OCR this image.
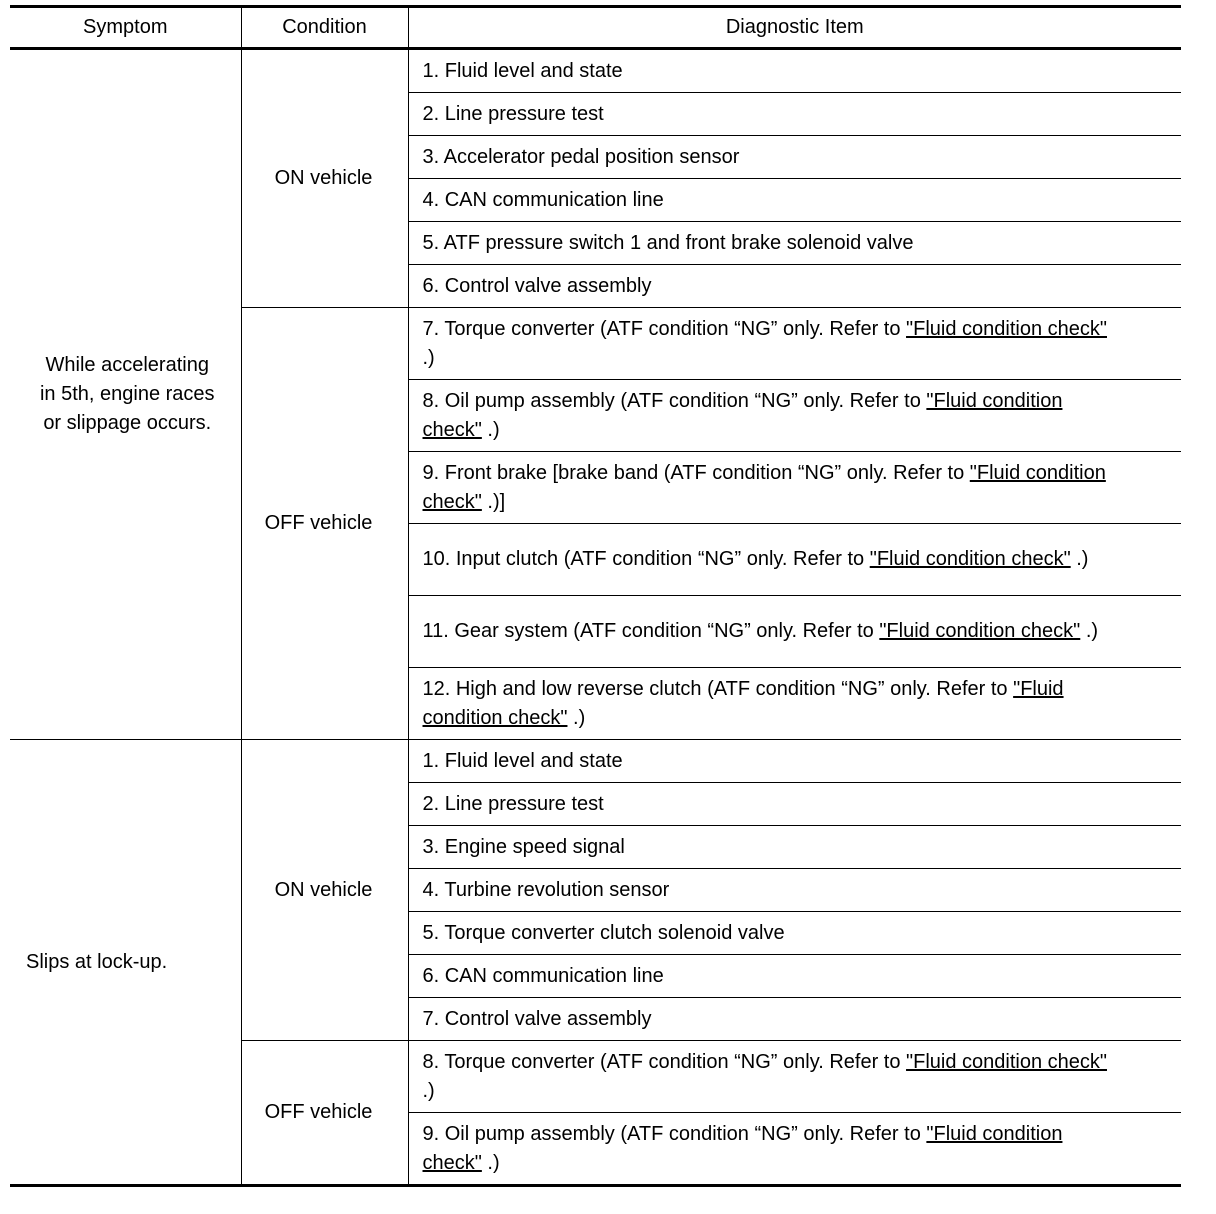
Symptom	Condition	Diagnostic Item

While accelerating
in 5th, engine races
or slippage occurs.	ON vehicle	1. Fluid level and state
		2. Line pressure test
		3. Accelerator pedal position sensor
		4. CAN communication line
		5. ATF pressure switch 1 and front brake solenoid valve
		6. Control valve assembly
	OFF vehicle	7. Torque converter (ATF condition “NG” only. Refer to "Fluid condition check" .)
		8. Oil pump assembly (ATF condition “NG” only. Refer to "Fluid condition check" .)
		9. Front brake [brake band (ATF condition “NG” only. Refer to "Fluid condition check" .)]
		10. Input clutch (ATF condition “NG” only. Refer to "Fluid condition check" .)
		11. Gear system (ATF condition “NG” only. Refer to "Fluid condition check" .)
		12. High and low reverse clutch (ATF condition “NG” only. Refer to "Fluid condition check" .)

Slips at lock-up.	ON vehicle	1. Fluid level and state
		2. Line pressure test
		3. Engine speed signal
		4. Turbine revolution sensor
		5. Torque converter clutch solenoid valve
		6. CAN communication line
		7. Control valve assembly
	OFF vehicle	8. Torque converter (ATF condition “NG” only. Refer to "Fluid condition check" .)
		9. Oil pump assembly (ATF condition “NG” only. Refer to "Fluid condition check" .)
